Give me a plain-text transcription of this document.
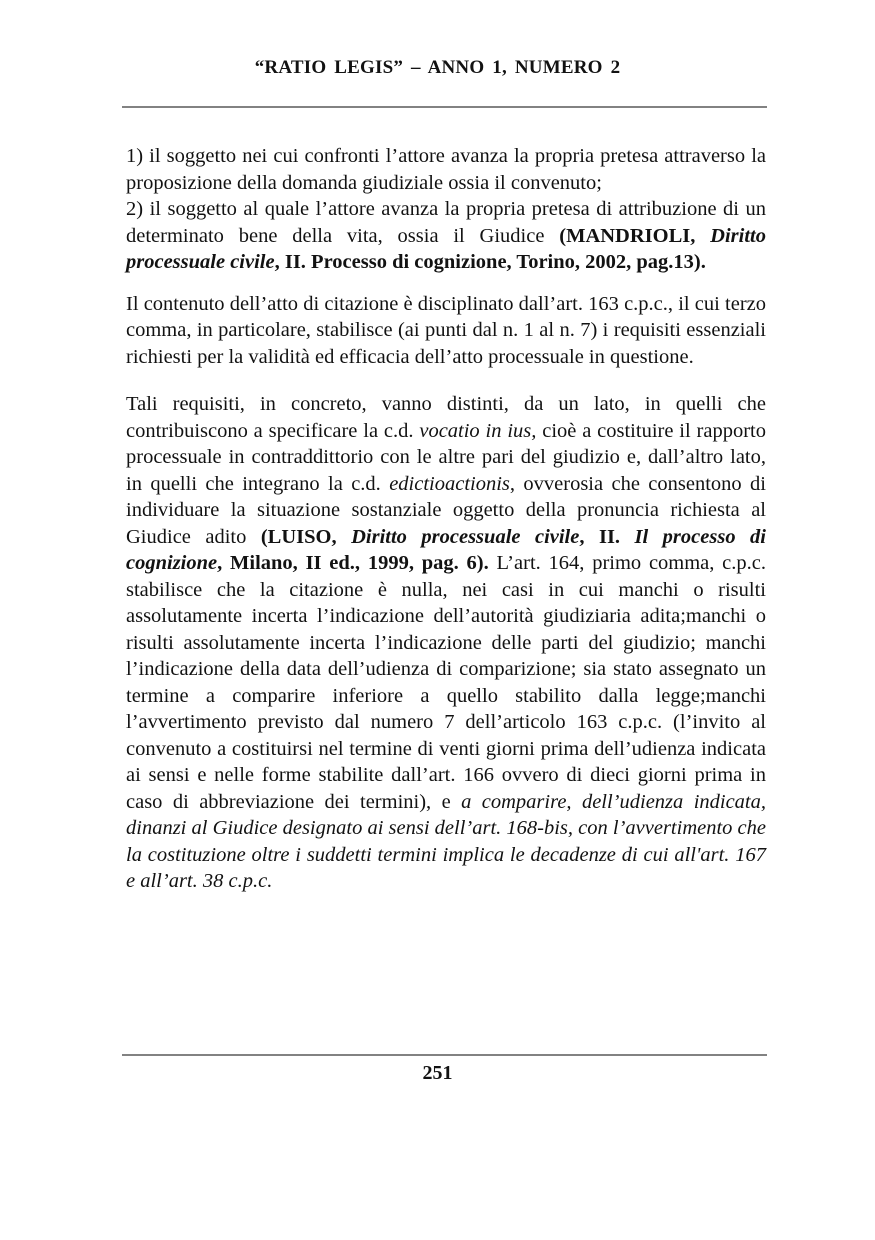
“RATIO LEGIS” – ANNO 1, NUMERO 2
1) il soggetto nei cui confronti l’attore avanza la propria pretesa attraverso la proposizione della domanda giudiziale ossia il convenuto;
2) il soggetto al quale l’attore avanza la propria pretesa di attribuzione di un determinato bene della vita, ossia il Giudice (MANDRIOLI, Diritto processuale civile, II. Processo di cognizione, Torino, 2002, pag.13).
Il contenuto dell’atto di citazione è disciplinato dall’art. 163 c.p.c., il cui terzo comma, in particolare, stabilisce (ai punti dal n. 1 al n. 7) i requisiti essenziali richiesti per la validità ed efficacia dell’atto processuale in questione.
Tali requisiti, in concreto, vanno distinti, da un lato, in quelli che contribuiscono a specificare la c.d. vocatio in ius, cioè a costituire il rapporto processuale in contraddittorio con le altre pari del giudizio e, dall’altro lato, in quelli che integrano la c.d. edictioactionis, ovverosia che consentono di individuare la situazione sostanziale oggetto della pronuncia richiesta al Giudice adito (LUISO, Diritto processuale civile, II. Il processo di cognizione, Milano, II ed., 1999, pag. 6). L’art. 164, primo comma, c.p.c. stabilisce che la citazione è nulla, nei casi in cui manchi o risulti assolutamente incerta l’indicazione dell’autorità giudiziaria adita;manchi o risulti assolutamente incerta l’indicazione delle parti del giudizio; manchi l’indicazione della data dell’udienza di comparizione; sia stato assegnato un termine a comparire inferiore a quello stabilito dalla legge;manchi l’avvertimento previsto dal numero 7 dell’articolo 163 c.p.c. (l’invito al convenuto a costituirsi nel termine di venti giorni prima dell’udienza indicata ai sensi e nelle forme stabilite dall’art. 166 ovvero di dieci giorni prima in caso di abbreviazione dei termini), e a comparire, dell’udienza indicata, dinanzi al Giudice designato ai sensi dell’art. 168-bis, con l’avvertimento che la costituzione oltre i suddetti termini implica le decadenze di cui all'art. 167 e all’art. 38 c.p.c.
251
